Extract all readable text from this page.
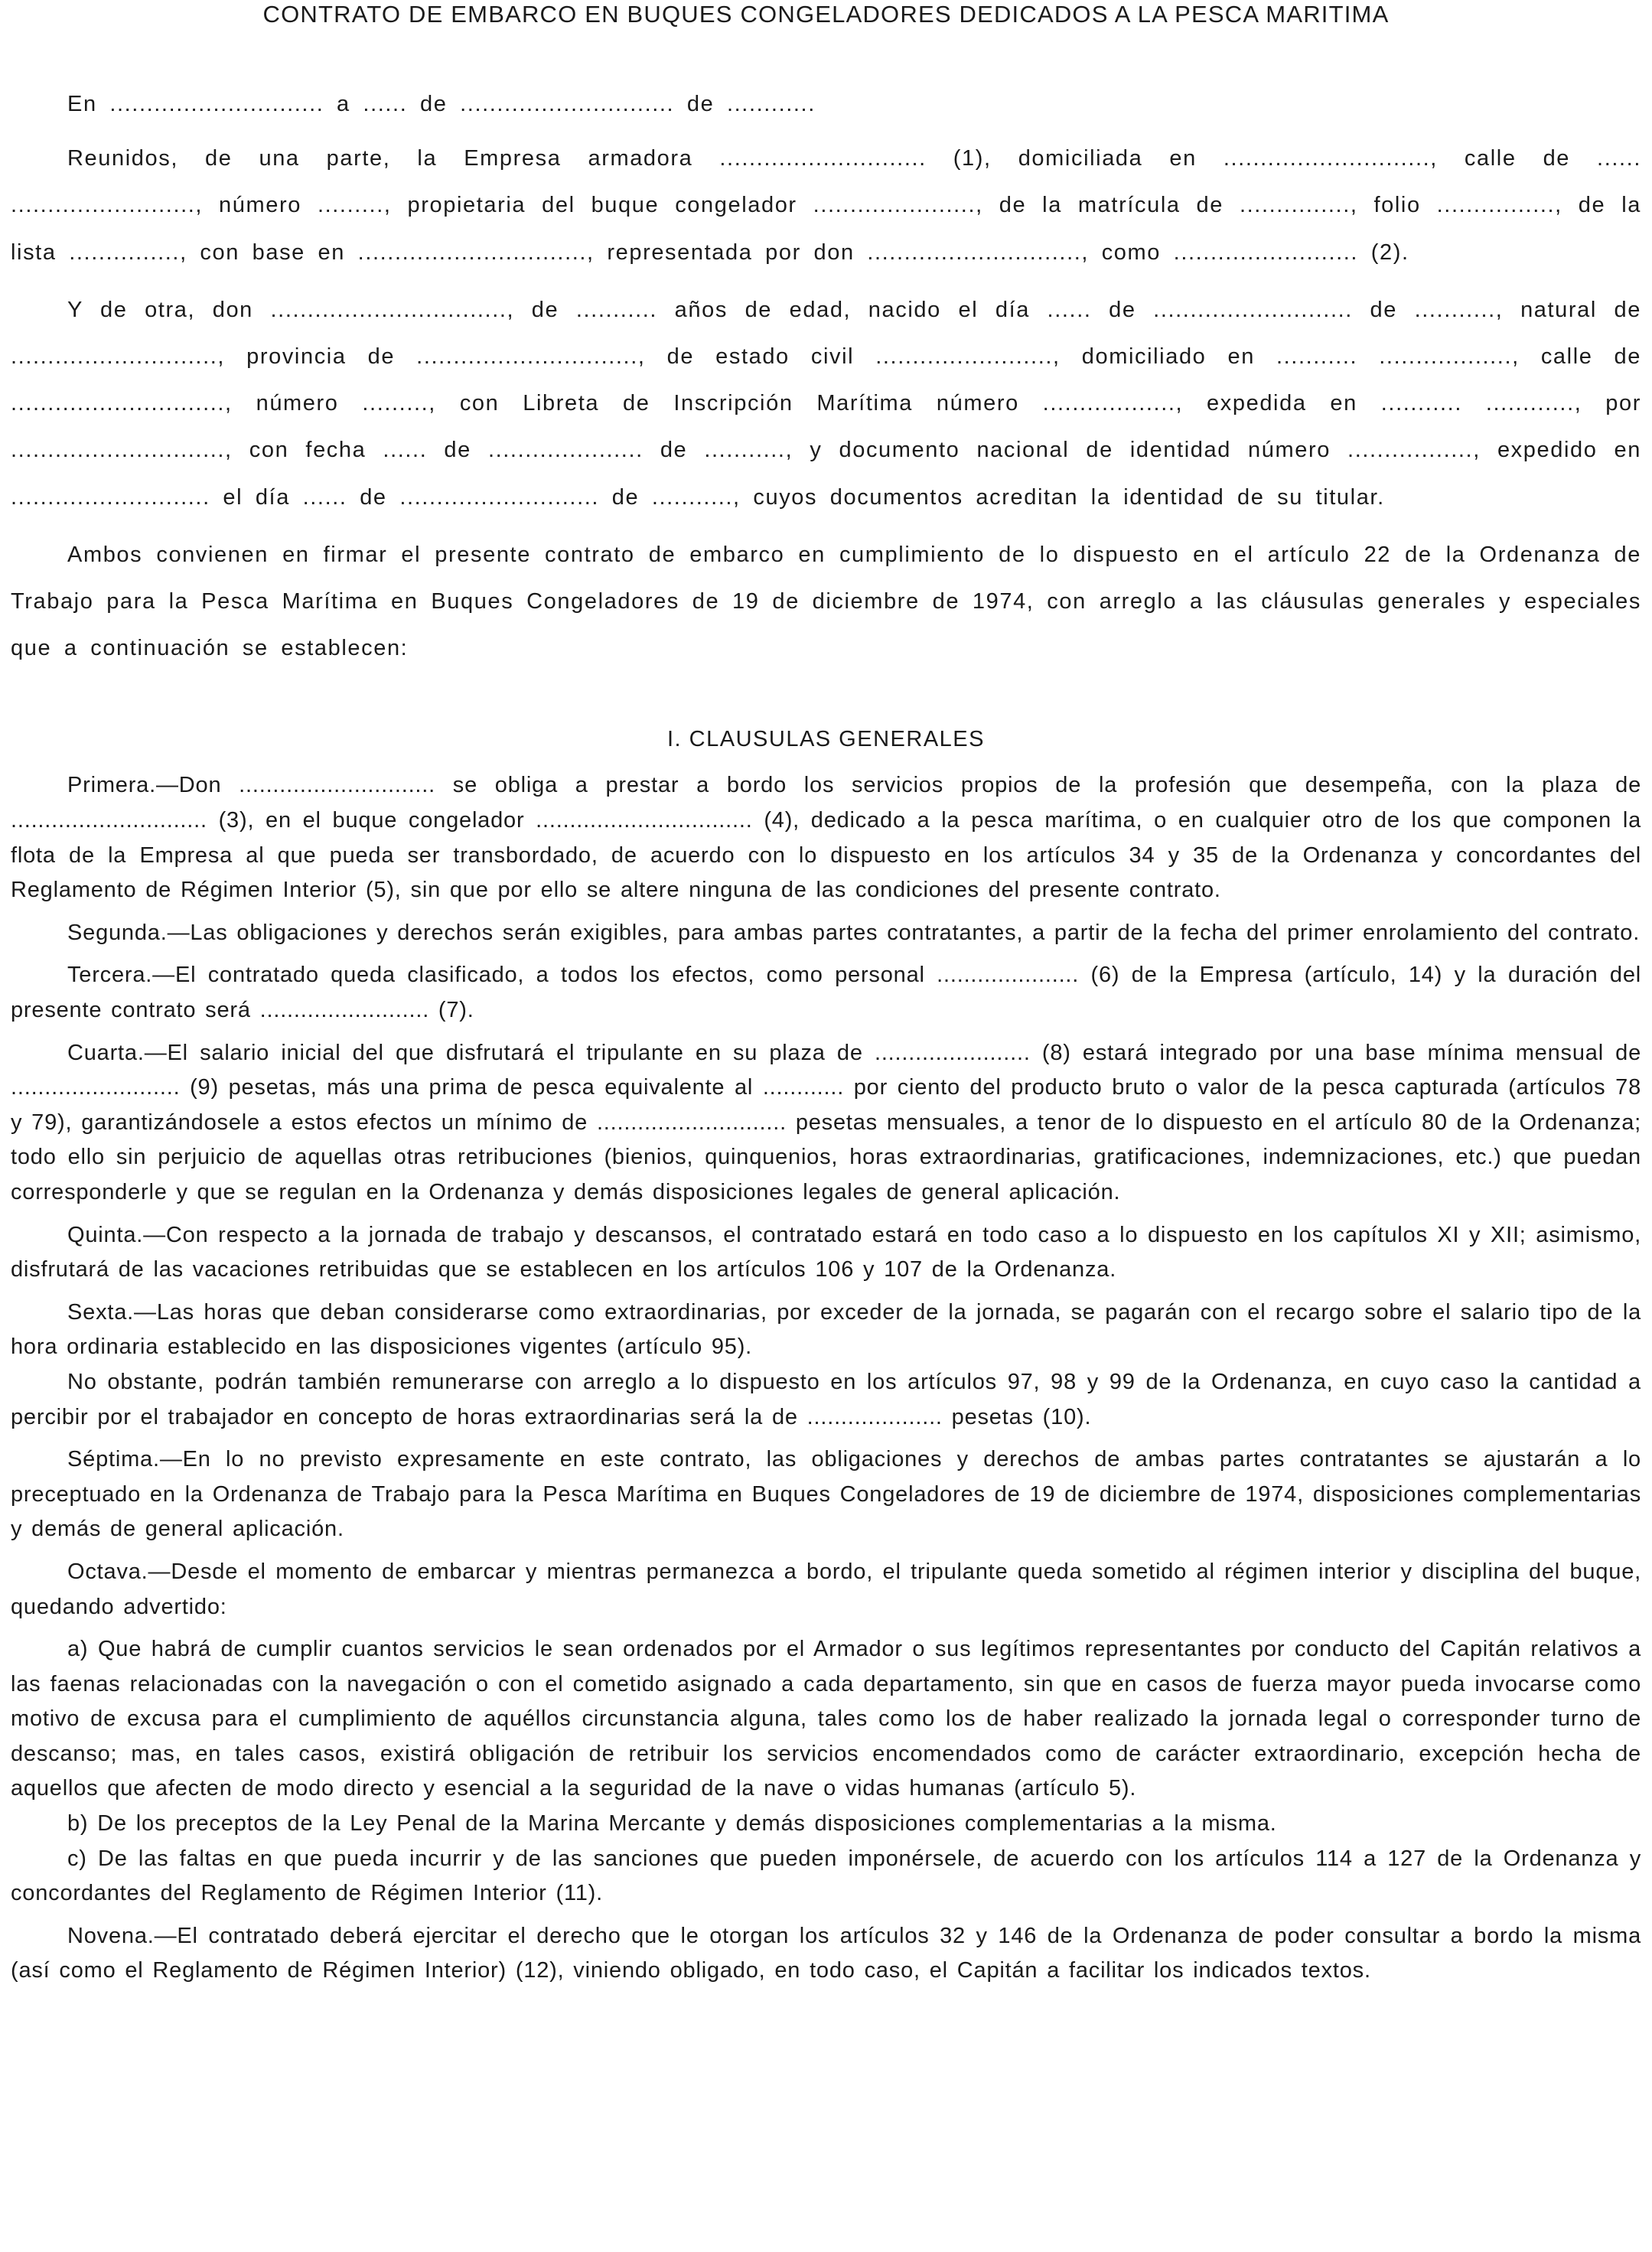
CONTRATO DE EMBARCO EN BUQUES CONGELADORES DEDICADOS A LA PESCA MARITIMA

En ............................. a ...... de ............................. de ............

Reunidos, de una parte, la Empresa armadora ............................ (1), domiciliada en ............................, calle de ...... ........................., número ........., propietaria del buque congelador ......................, de la matrícula de ..............., folio ................, de la lista ..............., con base en ..............................., representada por don ............................., como ......................... (2).

Y de otra, don ................................, de ........... años de edad, nacido el día ...... de ........................... de ..........., natural de ............................, provincia de .............................., de estado civil ........................, domiciliado en ........... .................., calle de ............................., número ........., con Libreta de Inscripción Marítima número .................., expedida en ........... ............, por ............................., con fecha ...... de ..................... de ..........., y documento nacional de identidad número ................., expedido en ........................... el día ...... de ........................... de ..........., cuyos documentos acreditan la identidad de su titular.

Ambos convienen en firmar el presente contrato de embarco en cumplimiento de lo dispuesto en el artículo 22 de la Ordenanza de Trabajo para la Pesca Marítima en Buques Congeladores de 19 de diciembre de 1974, con arreglo a las cláusulas generales y especiales que a continuación se establecen:

I. CLAUSULAS GENERALES

Primera.—Don ............................. se obliga a prestar a bordo los servicios propios de la profesión que desempeña, con la plaza de ............................. (3), en el buque congelador ................................ (4), dedicado a la pesca marítima, o en cualquier otro de los que componen la flota de la Empresa al que pueda ser transbordado, de acuerdo con lo dispuesto en los artículos 34 y 35 de la Ordenanza y concordantes del Reglamento de Régimen Interior (5), sin que por ello se altere ninguna de las condiciones del presente contrato.

Segunda.—Las obligaciones y derechos serán exigibles, para ambas partes contratantes, a partir de la fecha del primer enrolamiento del contrato.

Tercera.—El contratado queda clasificado, a todos los efectos, como personal ..................... (6) de la Empresa (artículo, 14) y la duración del presente contrato será ......................... (7).

Cuarta.—El salario inicial del que disfrutará el tripulante en su plaza de ....................... (8) estará integrado por una base mínima mensual de ......................... (9) pesetas, más una prima de pesca equivalente al ............ por ciento del producto bruto o valor de la pesca capturada (artículos 78 y 79), garantizándosele a estos efectos un mínimo de ............................ pesetas mensuales, a tenor de lo dispuesto en el artículo 80 de la Ordenanza; todo ello sin perjuicio de aquellas otras retribuciones (bienios, quinquenios, horas extraordinarias, gratificaciones, indemnizaciones, etc.) que puedan corresponderle y que se regulan en la Ordenanza y demás disposiciones legales de general aplicación.

Quinta.—Con respecto a la jornada de trabajo y descansos, el contratado estará en todo caso a lo dispuesto en los capítulos XI y XII; asimismo, disfrutará de las vacaciones retribuidas que se establecen en los artículos 106 y 107 de la Ordenanza.

Sexta.—Las horas que deban considerarse como extraordinarias, por exceder de la jornada, se pagarán con el recargo sobre el salario tipo de la hora ordinaria establecido en las disposiciones vigentes (artículo 95).

No obstante, podrán también remunerarse con arreglo a lo dispuesto en los artículos 97, 98 y 99 de la Ordenanza, en cuyo caso la cantidad a percibir por el trabajador en concepto de horas extraordinarias será la de .................... pesetas (10).

Séptima.—En lo no previsto expresamente en este contrato, las obligaciones y derechos de ambas partes contratantes se ajustarán a lo preceptuado en la Ordenanza de Trabajo para la Pesca Marítima en Buques Congeladores de 19 de diciembre de 1974, disposiciones complementarias y demás de general aplicación.

Octava.—Desde el momento de embarcar y mientras permanezca a bordo, el tripulante queda sometido al régimen interior y disciplina del buque, quedando advertido:

a) Que habrá de cumplir cuantos servicios le sean ordenados por el Armador o sus legítimos representantes por conducto del Capitán relativos a las faenas relacionadas con la navegación o con el cometido asignado a cada departamento, sin que en casos de fuerza mayor pueda invocarse como motivo de excusa para el cumplimiento de aquéllos circunstancia alguna, tales como los de haber realizado la jornada legal o corresponder turno de descanso; mas, en tales casos, existirá obligación de retribuir los servicios encomendados como de carácter extraordinario, excepción hecha de aquellos que afecten de modo directo y esencial a la seguridad de la nave o vidas humanas (artículo 5).

b) De los preceptos de la Ley Penal de la Marina Mercante y demás disposiciones complementarias a la misma.

c) De las faltas en que pueda incurrir y de las sanciones que pueden imponérsele, de acuerdo con los artículos 114 a 127 de la Ordenanza y concordantes del Reglamento de Régimen Interior (11).

Novena.—El contratado deberá ejercitar el derecho que le otorgan los artículos 32 y 146 de la Ordenanza de poder consultar a bordo la misma (así como el Reglamento de Régimen Interior) (12), viniendo obligado, en todo caso, el Capitán a facilitar los indicados textos.
